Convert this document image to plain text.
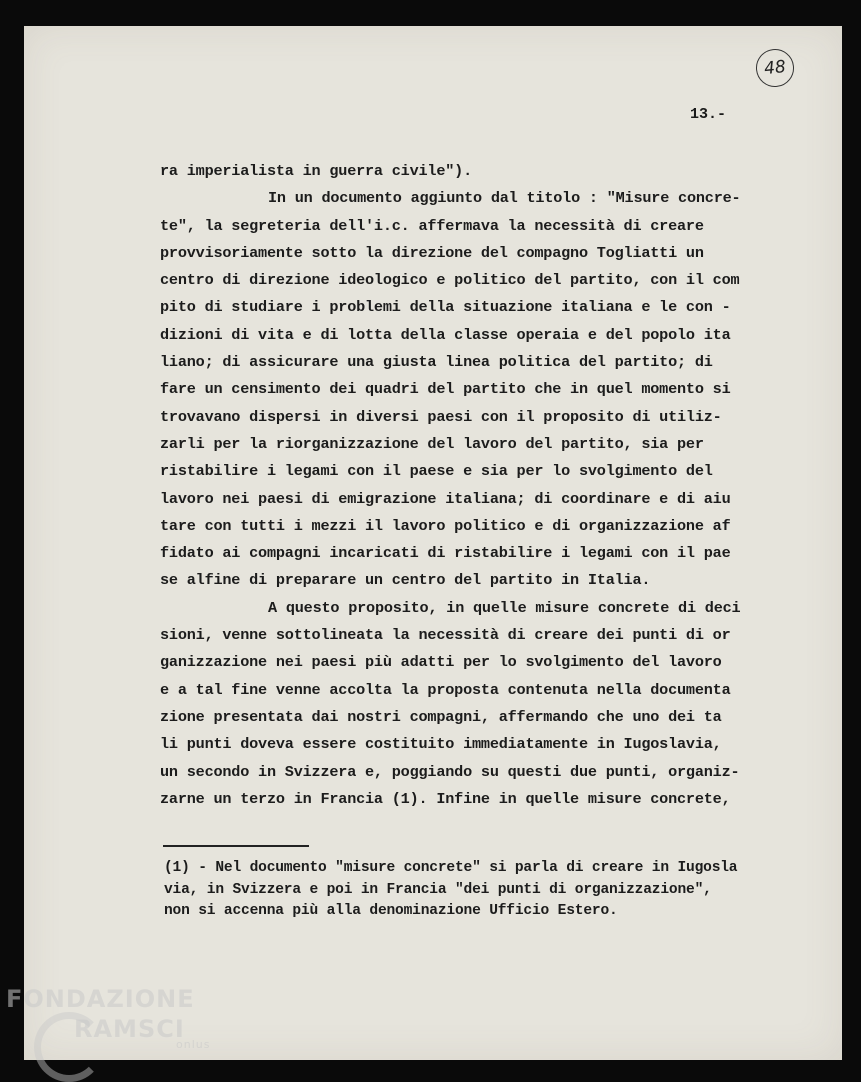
48
13.-
ra imperialista in guerra civile").
In un documento aggiunto dal titolo : "Misure concre-
te", la segreteria dell'i.c. affermava la necessità di creare
provvisoriamente sotto la direzione del compagno Togliatti un
centro di direzione ideologico e politico del partito, con il com
pito di studiare i problemi della situazione italiana e le con -
dizioni di vita e di lotta della classe operaia e del popolo ita
liano; di assicurare una giusta linea politica del partito; di
fare un censimento dei quadri del partito che in quel momento si
trovavano dispersi in diversi paesi con il proposito di utiliz-
zarli per la riorganizzazione del lavoro del partito, sia per
ristabilire i legami con il paese e sia per lo svolgimento del
lavoro nei paesi di emigrazione italiana; di coordinare e di aiu
tare con tutti i mezzi il lavoro politico e di organizzazione af
fidato ai compagni incaricati di ristabilire i legami con il pae
se alfine di preparare un centro del partito in Italia.
A questo proposito, in quelle misure concrete di deci
sioni, venne sottolineata la necessità di creare dei punti di or
ganizzazione nei paesi più adatti per lo svolgimento del lavoro
e a tal fine venne accolta la proposta contenuta nella documenta
zione presentata dai nostri compagni, affermando che uno dei ta
li punti doveva essere costituito immediatamente in Iugoslavia,
un secondo in Svizzera e, poggiando su questi due punti, organiz-
zarne un terzo in Francia (1). Infine in quelle misure concrete,
(1) - Nel documento "misure concrete" si parla di creare in Iugosla
via, in Svizzera e poi in Francia "dei punti di organizzazione",
non si accenna più alla denominazione Ufficio Estero.
FONDAZIONE
RAMSCI
onlus
